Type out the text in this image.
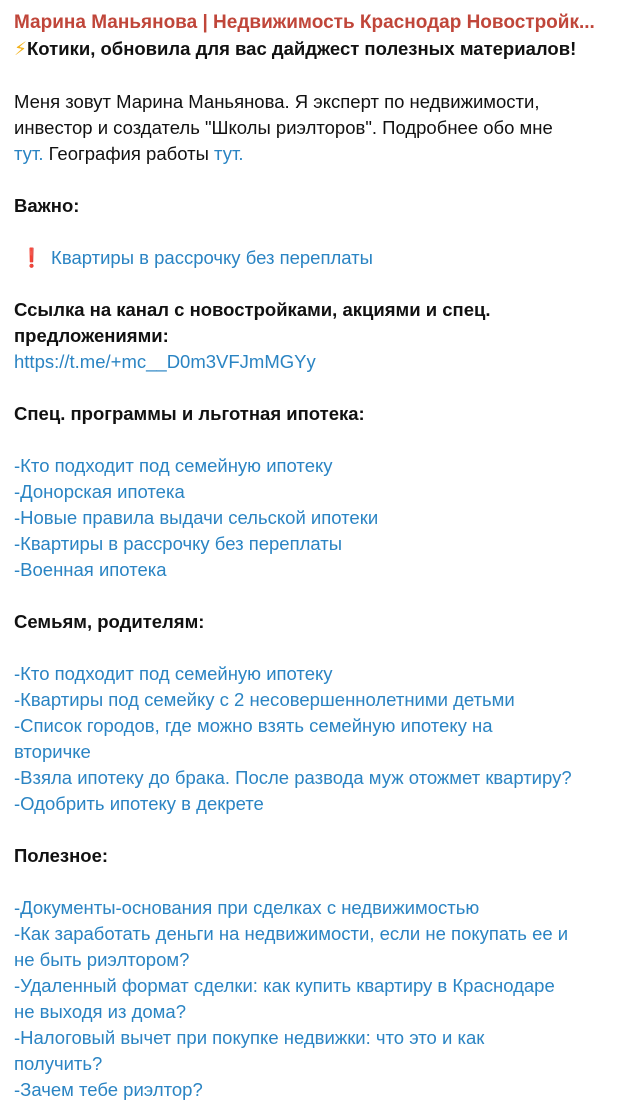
Марина Маньянова | Недвижимость Краснодар Новостройк...
⚡Котики, обновила для вас дайджест полезных материалов!
Меня зовут Марина Маньянова. Я эксперт по недвижимости,
инвестор и создатель "Школы риэлторов". Подробнее обо мне
тут. География работы тут.
Важно:
❗ Квартиры в рассрочку без переплаты
Ссылка на канал с новостройками, акциями и спец.
предложениями:
https://t.me/+mc__D0m3VFJmMGYy
Спец. программы и льготная ипотека:
-Кто подходит под семейную ипотеку
-Донорская ипотека
-Новые правила выдачи сельской ипотеки
-Квартиры в рассрочку без переплаты
-Военная ипотека
Семьям, родителям:
-Кто подходит под семейную ипотеку
-Квартиры под семейку с 2 несовершеннолетними детьми
-Список городов, где можно взять семейную ипотеку на
вторичке
-Взяла ипотеку до брака. После развода муж отожмет квартиру?
-Одобрить ипотеку в декрете
Полезное:
-Документы-основания при сделках с недвижимостью
-Как заработать деньги на недвижимости, если не покупать ее и
не быть риэлтором?
-Удаленный формат сделки: как купить квартиру в Краснодаре
не выходя из дома?
-Налоговый вычет при покупке недвижки: что это и как
получить?
-Зачем тебе риэлтор?
